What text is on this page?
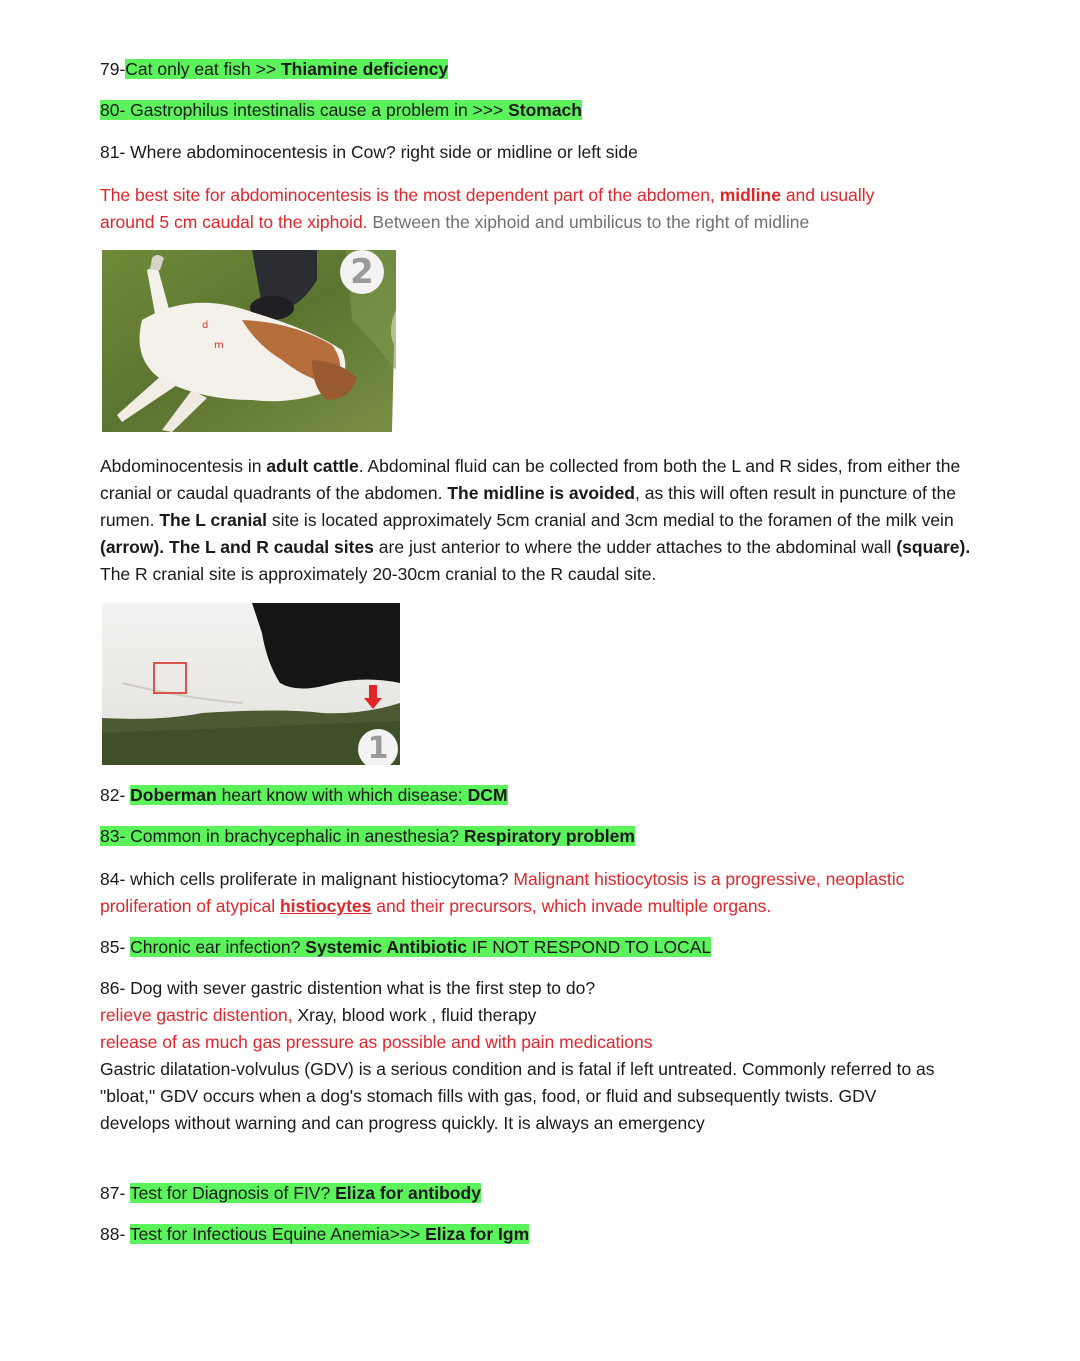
79-Cat only eat fish >> Thiamine deficiency
80- Gastrophilus intestinalis cause a problem in >>> Stomach
81- Where abdominocentesis in Cow? right side or midline or left side
The best site for abdominocentesis is the most dependent part of the abdomen, midline and usually
around 5 cm caudal to the xiphoid. Between the xiphoid and umbilicus to the right of midline
d
m
2
Abdominocentesis in adult cattle. Abdominal fluid can be collected from both the L and R sides, from either the cranial or caudal quadrants of the abdomen. The midline is avoided, as this will often result in puncture of the rumen. The L cranial site is located approximately 5cm cranial and 3cm medial to the foramen of the milk vein (arrow). The L and R caudal sites are just anterior to where the udder attaches to the abdominal wall (square). The R cranial site is approximately 20-30cm cranial to the R caudal site.
1
82- Doberman heart know with which disease: DCM
83- Common in brachycephalic in anesthesia? Respiratory problem
84- which cells proliferate in malignant histiocytoma? Malignant histiocytosis is a progressive, neoplastic
proliferation of atypical histiocytes and their precursors, which invade multiple organs.
85- Chronic ear infection? Systemic Antibiotic IF NOT RESPOND TO LOCAL
86- Dog with sever gastric distention what is the first step to do?
relieve gastric distention, Xray, blood work , fluid therapy
release of as much gas pressure as possible and with pain medications
Gastric dilatation-volvulus (GDV) is a serious condition and is fatal if left untreated. Commonly referred to as "bloat," GDV occurs when a dog's stomach fills with gas, food, or fluid and subsequently twists. GDV develops without warning and can progress quickly. It is always an emergency
87- Test for Diagnosis of FIV? Eliza for antibody
88- Test for Infectious Equine Anemia>>> Eliza for Igm
